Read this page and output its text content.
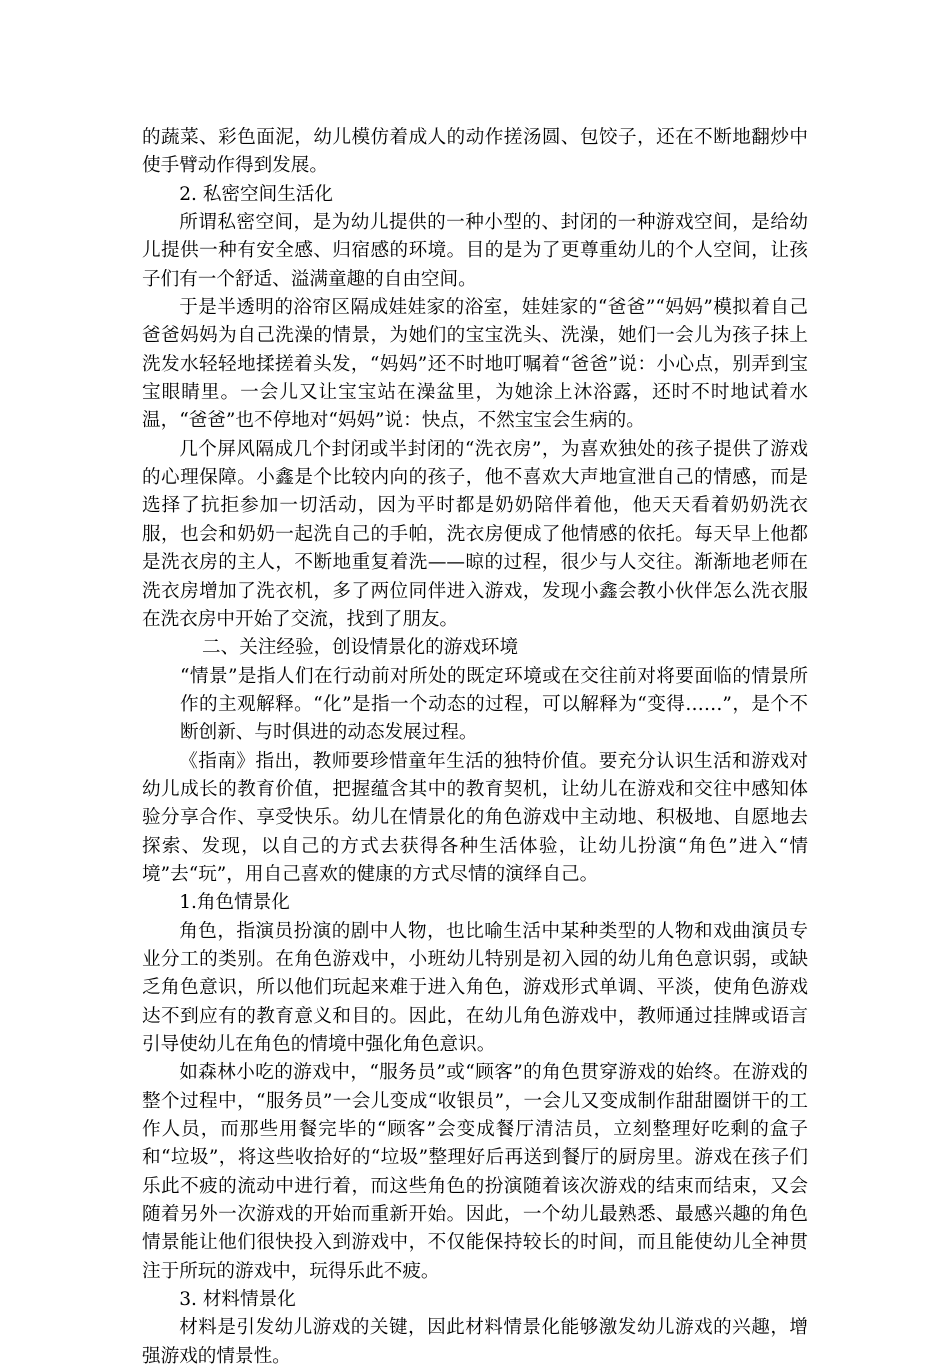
的蔬菜、彩色面泥，幼儿模仿着成人的动作搓汤圆、包饺子，还在不断地翻炒中使手臂动作得到发展。

2. 私密空间生活化

所谓私密空间，是为幼儿提供的一种小型的、封闭的一种游戏空间，是给幼儿提供一种有安全感、归宿感的环境。目的是为了更尊重幼儿的个人空间，让孩子们有一个舒适、溢满童趣的自由空间。

于是半透明的浴帘区隔成娃娃家的浴室，娃娃家的“爸爸”“妈妈”模拟着自己爸爸妈妈为自己洗澡的情景，为她们的宝宝洗头、洗澡，她们一会儿为孩子抹上洗发水轻轻地揉搓着头发，“妈妈”还不时地叮嘱着“爸爸”说：小心点，别弄到宝宝眼睛里。一会儿又让宝宝站在澡盆里，为她涂上沐浴露，还时不时地试着水温，“爸爸”也不停地对“妈妈”说：快点，不然宝宝会生病的。

几个屏风隔成几个封闭或半封闭的“洗衣房”，为喜欢独处的孩子提供了游戏的心理保障。小鑫是个比较内向的孩子，他不喜欢大声地宣泄自己的情感，而是选择了抗拒参加一切活动，因为平时都是奶奶陪伴着他，他天天看着奶奶洗衣服，也会和奶奶一起洗自己的手帕，洗衣房便成了他情感的依托。每天早上他都是洗衣房的主人，不断地重复着洗——晾的过程，很少与人交往。渐渐地老师在洗衣房增加了洗衣机，多了两位同伴进入游戏，发现小鑫会教小伙伴怎么洗衣服在洗衣房中开始了交流，找到了朋友。

二、关注经验，创设情景化的游戏环境

“情景”是指人们在行动前对所处的既定环境或在交往前对将要面临的情景所作的主观解释。“化”是指一个动态的过程，可以解释为“变得……”，是个不断创新、与时俱进的动态发展过程。

《指南》指出，教师要珍惜童年生活的独特价值。要充分认识生活和游戏对幼儿成长的教育价值，把握蕴含其中的教育契机，让幼儿在游戏和交往中感知体验分享合作、享受快乐。幼儿在情景化的角色游戏中主动地、积极地、自愿地去探索、发现，以自己的方式去获得各种生活体验，让幼儿扮演“角色”进入“情境”去“玩”，用自己喜欢的健康的方式尽情的演绎自己。

1.角色情景化

角色，指演员扮演的剧中人物，也比喻生活中某种类型的人物和戏曲演员专业分工的类别。在角色游戏中，小班幼儿特别是初入园的幼儿角色意识弱，或缺乏角色意识，所以他们玩起来难于进入角色，游戏形式单调、平淡，使角色游戏达不到应有的教育意义和目的。因此，在幼儿角色游戏中，教师通过挂牌或语言引导使幼儿在角色的情境中强化角色意识。

如森林小吃的游戏中，“服务员”或“顾客”的角色贯穿游戏的始终。在游戏的整个过程中，“服务员”一会儿变成“收银员”，一会儿又变成制作甜甜圈饼干的工作人员，而那些用餐完毕的“顾客”会变成餐厅清洁员，立刻整理好吃剩的盒子和“垃圾”，将这些收拾好的“垃圾”整理好后再送到餐厅的厨房里。游戏在孩子们乐此不疲的流动中进行着，而这些角色的扮演随着该次游戏的结束而结束，又会随着另外一次游戏的开始而重新开始。因此，一个幼儿最熟悉、最感兴趣的角色情景能让他们很快投入到游戏中，不仅能保持较长的时间，而且能使幼儿全神贯注于所玩的游戏中，玩得乐此不疲。

3. 材料情景化

材料是引发幼儿游戏的关键，因此材料情景化能够激发幼儿游戏的兴趣，增强游戏的情景性。
